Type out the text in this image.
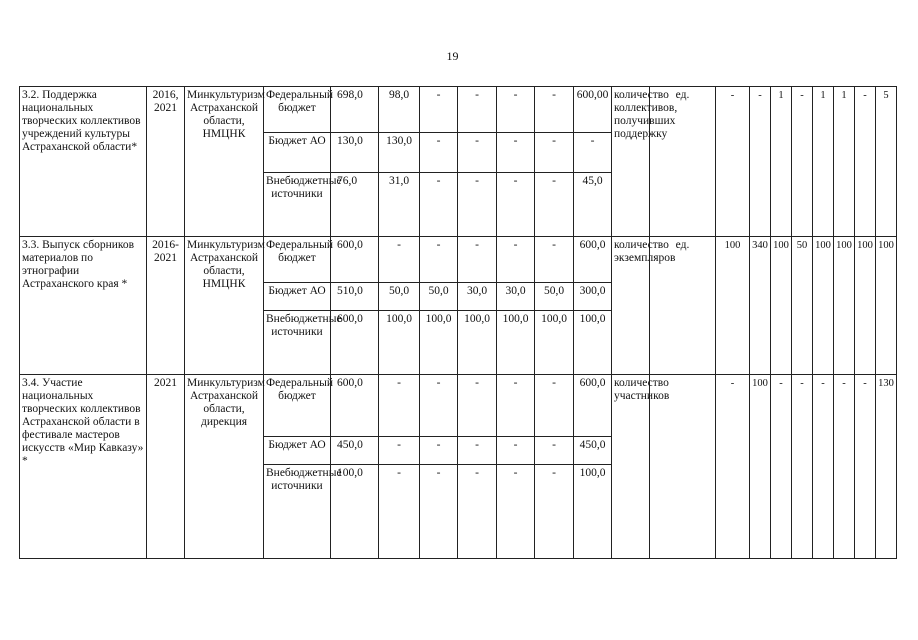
19
3.2. Поддержка национальных творческих коллективов учреждений культуры Астраханской области*	2016, 2021	Минкультуризм Астраханской области, НМЦНК	Федеральный бюджет	698,0	98,0	-	-	-	-	600,00	количество коллективов, получивших поддержку	ед.	-	-	1	-	1	1	-	5
			Бюджет АО	130,0	130,0	-	-	-	-	-										
			Внебюджетные источники	76,0	31,0	-	-	-	-	45,0										
3.3. Выпуск сборников материалов по этнографии Астраханского края *	2016-2021	Минкультуризм Астраханской области, НМЦНК	Федеральный бюджет	600,0	-	-	-	-	-	600,0	количество экземпляров	ед.	100	340	100	50	100	100	100	100
			Бюджет АО	510,0	50,0	50,0	30,0	30,0	50,0	300,0										
			Внебюджетные источники	600,0	100,0	100,0	100,0	100,0	100,0	100,0										
3.4. Участие национальных творческих коллективов Астраханской области в фестивале мастеров искусств «Мир Кавказу» *	2021	Минкультуризм Астраханской области, дирекция	Федеральный бюджет	600,0	-	-	-	-	-	600,0	количество участников		-	100	-	-	-	-	-	130
			Бюджет АО	450,0	-	-	-	-	-	450,0										
			Внебюджетные источники	100,0	-	-	-	-	-	100,0										
